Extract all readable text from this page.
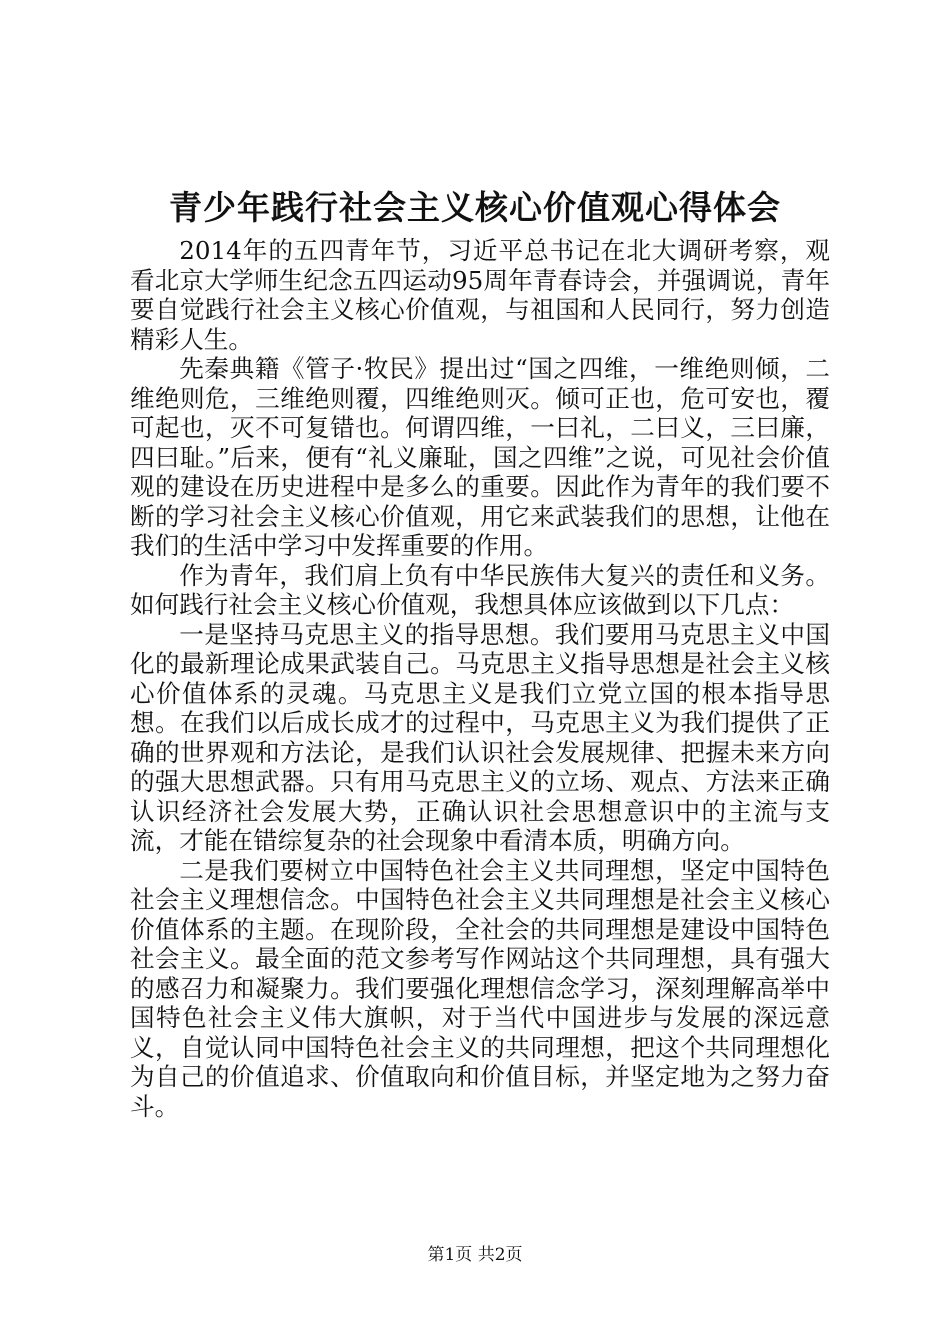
青少年践行社会主义核心价值观心得体会

2014年的五四青年节，习近平总书记在北大调研考察，观看北京大学师生纪念五四运动95周年青春诗会，并强调说，青年要自觉践行社会主义核心价值观，与祖国和人民同行，努力创造精彩人生。

先秦典籍《管子·牧民》提出过“国之四维，一维绝则倾，二维绝则危，三维绝则覆，四维绝则灭。倾可正也，危可安也，覆可起也，灭不可复错也。何谓四维，一曰礼，二曰义，三曰廉，四曰耻。”后来，便有“礼义廉耻，国之四维”之说，可见社会价值观的建设在历史进程中是多么的重要。因此作为青年的我们要不断的学习社会主义核心价值观，用它来武装我们的思想，让他在我们的生活中学习中发挥重要的作用。

作为青年，我们肩上负有中华民族伟大复兴的责任和义务。如何践行社会主义核心价值观，我想具体应该做到以下几点：

一是坚持马克思主义的指导思想。我们要用马克思主义中国化的最新理论成果武装自己。马克思主义指导思想是社会主义核心价值体系的灵魂。马克思主义是我们立党立国的根本指导思想。在我们以后成长成才的过程中，马克思主义为我们提供了正确的世界观和方法论，是我们认识社会发展规律、把握未来方向的强大思想武器。只有用马克思主义的立场、观点、方法来正确认识经济社会发展大势，正确认识社会思想意识中的主流与支流，才能在错综复杂的社会现象中看清本质，明确方向。

二是我们要树立中国特色社会主义共同理想，坚定中国特色社会主义理想信念。中国特色社会主义共同理想是社会主义核心价值体系的主题。在现阶段，全社会的共同理想是建设中国特色社会主义。最全面的范文参考写作网站这个共同理想，具有强大的感召力和凝聚力。我们要强化理想信念学习，深刻理解高举中国特色社会主义伟大旗帜，对于当代中国进步与发展的深远意义，自觉认同中国特色社会主义的共同理想，把这个共同理想化为自己的价值追求、价值取向和价值目标，并坚定地为之努力奋斗。

第1页 共2页
